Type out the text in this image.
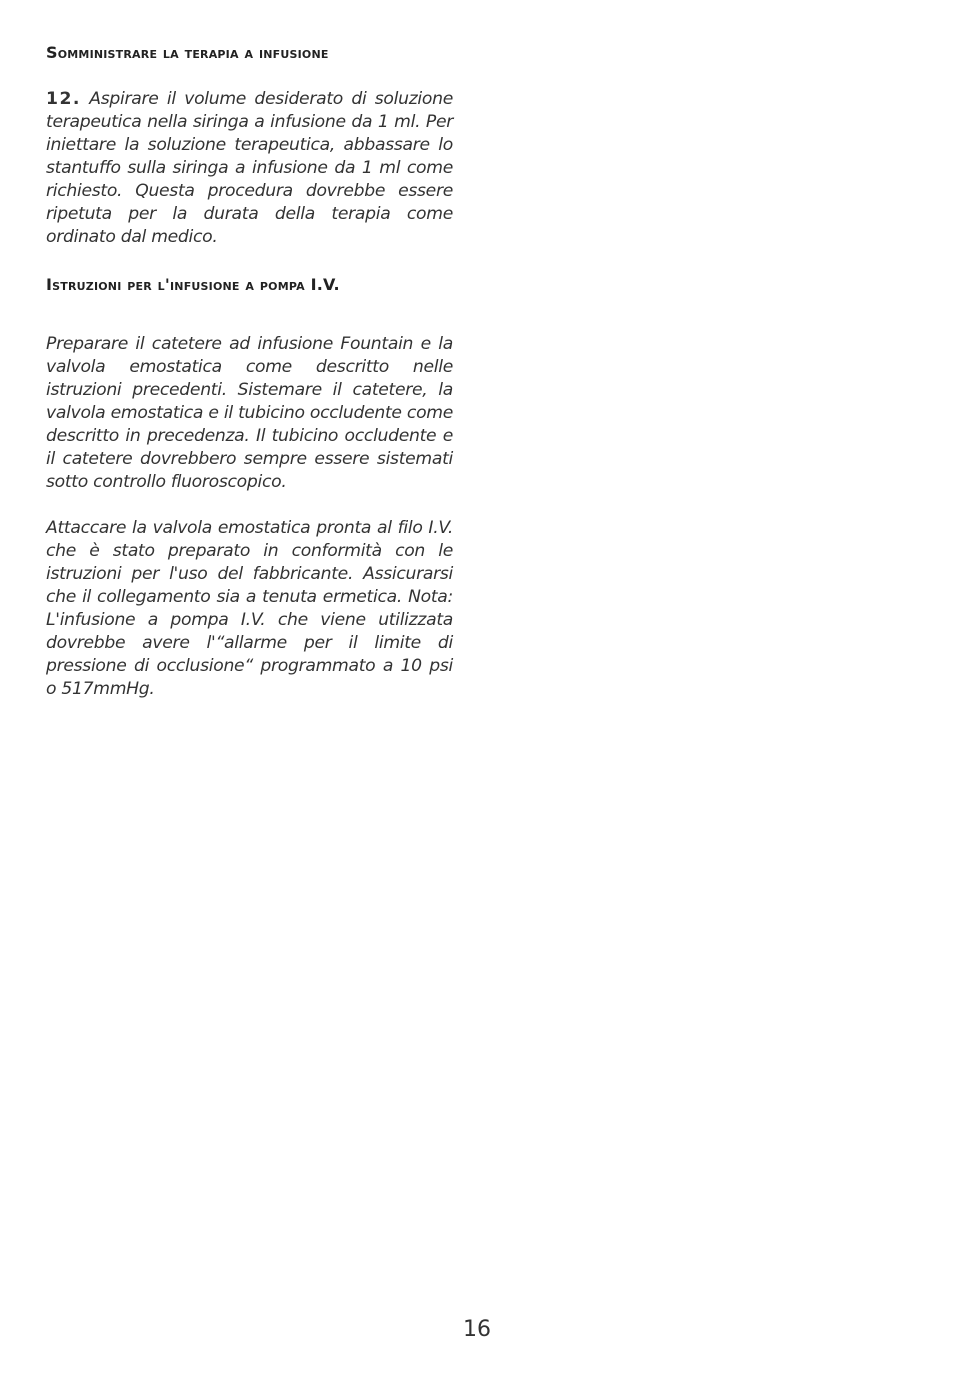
Somministrare la terapia a infusione

12. Aspirare il volume desiderato di soluzione terapeutica nella siringa a infusione da 1 ml. Per iniettare la soluzione terapeutica, abbassare lo stantuffo sulla siringa a infusione da 1 ml come richiesto. Questa procedura dovrebbe essere ripetuta per la durata della terapia come ordinato dal medico.

Istruzioni per l'infusione a pompa I.V.

Preparare il catetere ad infusione Fountain e la valvola emostatica come descritto nelle istruzioni precedenti. Sistemare il catetere, la valvola emostatica e il tubicino occludente come descritto in precedenza. Il tubicino occludente e il catetere dovrebbero sempre essere sistemati sotto controllo fluoroscopico.

Attaccare la valvola emostatica pronta al filo I.V. che è stato preparato in conformità con le istruzioni per l'uso del fabbricante. Assicurarsi che il collegamento sia a tenuta ermetica. Nota: L'infusione a pompa I.V. che viene utilizzata dovrebbe avere l'“allarme per il limite di pressione di occlusione“ programmato a 10 psi o 517mmHg.

16
